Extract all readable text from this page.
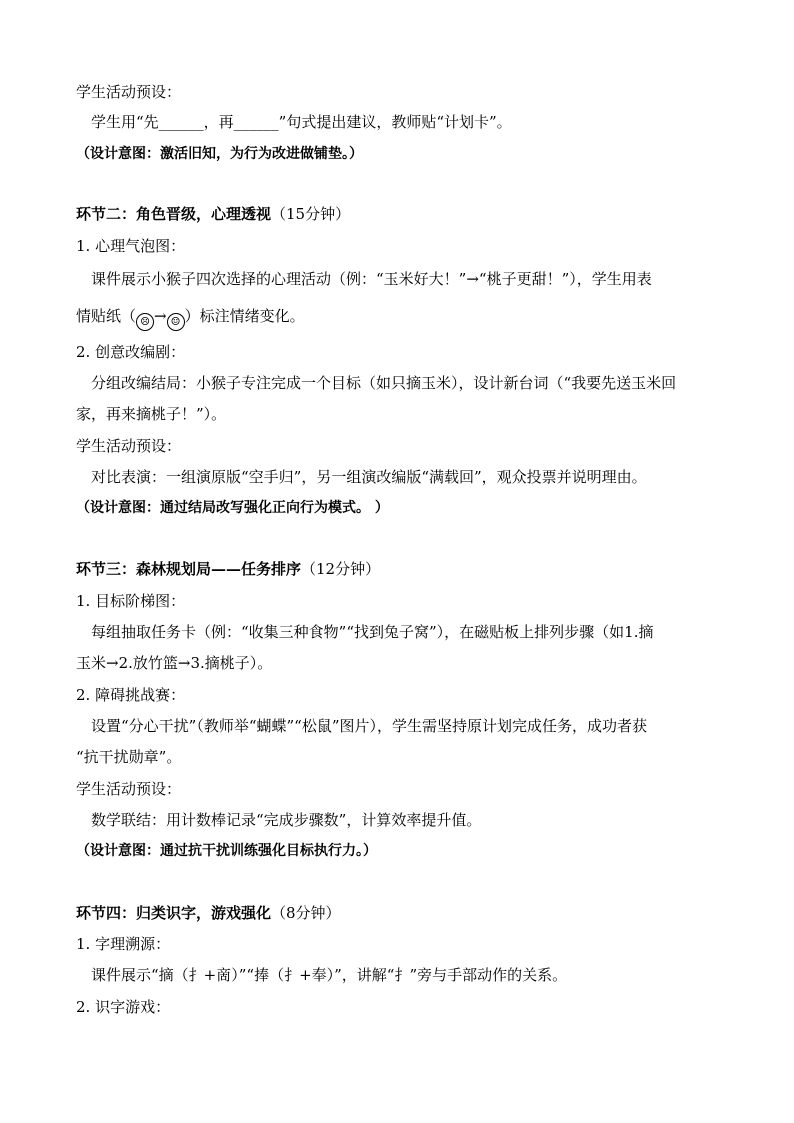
学生活动预设：
学生用“先______，再______”句式提出建议，教师贴“计划卡”。
（设计意图：激活旧知，为行为改进做铺垫。）
环节二：角色晋级，心理透视（15分钟）
1. 心理气泡图：
课件展示小猴子四次选择的心理活动（例：“玉米好大！”→“桃子更甜！”），学生用表
情贴纸（ ☹ → ☺ ）标注情绪变化。
2. 创意改编剧：
分组改编结局：小猴子专注完成一个目标（如只摘玉米），设计新台词（“我要先送玉米回
家，再来摘桃子！”）。
学生活动预设：
对比表演：一组演原版“空手归”，另一组演改编版“满载回”，观众投票并说明理由。
（设计意图：通过结局改写强化正向行为模式。 ）
环节三：森林规划局——任务排序（12分钟）
1. 目标阶梯图：
每组抽取任务卡（例：“收集三种食物”“找到兔子窝”），在磁贴板上排列步骤（如1.摘
玉米→2.放竹篮→3.摘桃子）。
2. 障碍挑战赛：
设置“分心干扰”（教师举“蝴蝶”“松鼠”图片），学生需坚持原计划完成任务，成功者获
“抗干扰勋章”。
学生活动预设：
数学联结：用计数棒记录“完成步骤数”，计算效率提升值。
（设计意图：通过抗干扰训练强化目标执行力。）
环节四：归类识字，游戏强化（8分钟）
1. 字理溯源：
课件展示“摘（扌+啇）”“捧（扌+奉）”，讲解“扌”旁与手部动作的关系。
2. 识字游戏：
